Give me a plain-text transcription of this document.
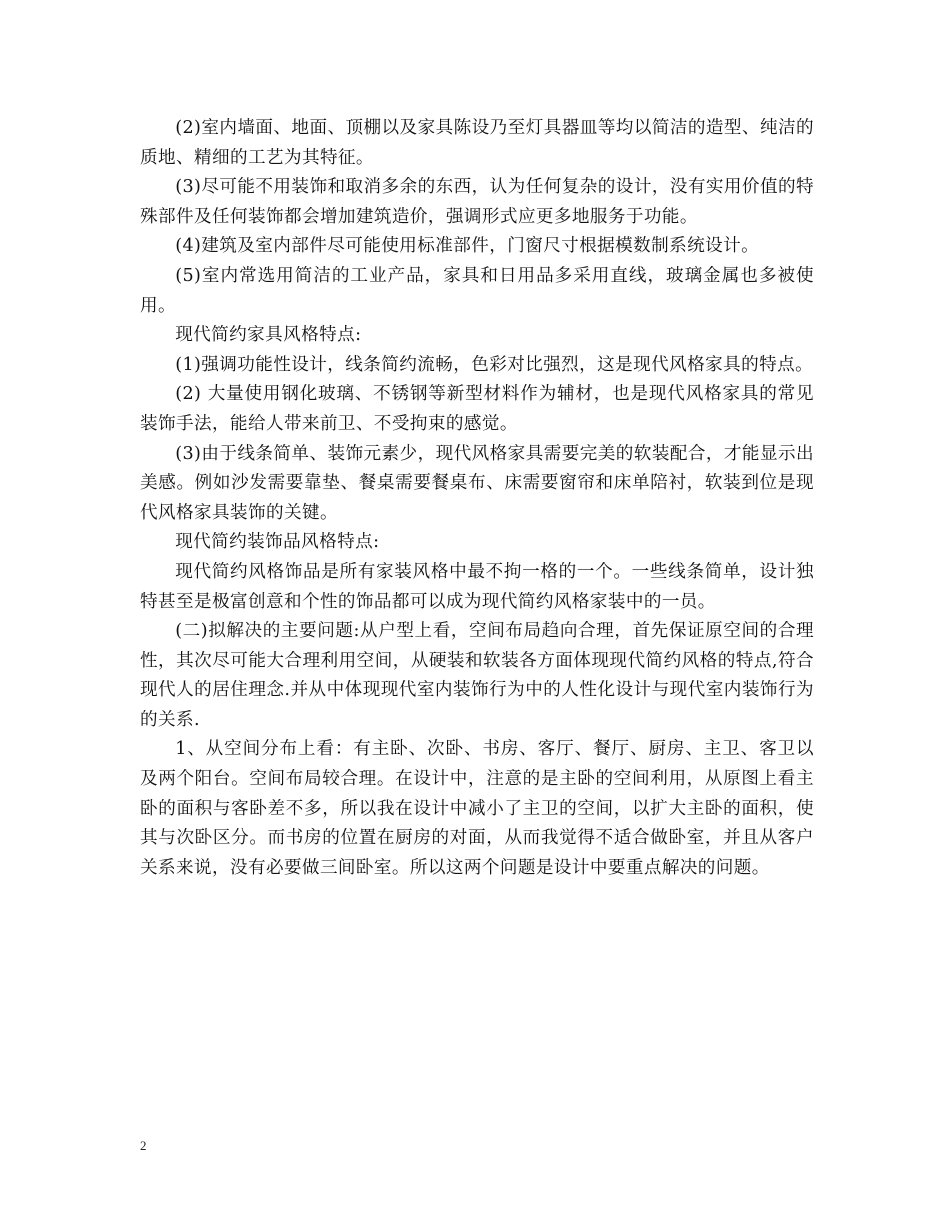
(2)室内墙面、地面、顶棚以及家具陈设乃至灯具器皿等均以简洁的造型、纯洁的质地、精细的工艺为其特征。

(3)尽可能不用装饰和取消多余的东西，认为任何复杂的设计，没有实用价值的特殊部件及任何装饰都会增加建筑造价，强调形式应更多地服务于功能。

(4)建筑及室内部件尽可能使用标准部件，门窗尺寸根据模数制系统设计。

(5)室内常选用简洁的工业产品，家具和日用品多采用直线，玻璃金属也多被使用。

现代简约家具风格特点:

(1)强调功能性设计，线条简约流畅，色彩对比强烈，这是现代风格家具的特点。

(2) 大量使用钢化玻璃、不锈钢等新型材料作为辅材，也是现代风格家具的常见装饰手法，能给人带来前卫、不受拘束的感觉。

(3)由于线条简单、装饰元素少，现代风格家具需要完美的软装配合，才能显示出美感。例如沙发需要靠垫、餐桌需要餐桌布、床需要窗帘和床单陪衬，软装到位是现代风格家具装饰的关键。

现代简约装饰品风格特点:

现代简约风格饰品是所有家装风格中最不拘一格的一个。一些线条简单，设计独特甚至是极富创意和个性的饰品都可以成为现代简约风格家装中的一员。

(二)拟解决的主要问题:从户型上看，空间布局趋向合理，首先保证原空间的合理性，其次尽可能大合理利用空间，从硬装和软装各方面体现现代简约风格的特点,符合现代人的居住理念.并从中体现现代室内装饰行为中的人性化设计与现代室内装饰行为的关系.

1、从空间分布上看：有主卧、次卧、书房、客厅、餐厅、厨房、主卫、客卫以及两个阳台。空间布局较合理。在设计中，注意的是主卧的空间利用，从原图上看主卧的面积与客卧差不多，所以我在设计中减小了主卫的空间，以扩大主卧的面积，使其与次卧区分。而书房的位置在厨房的对面，从而我觉得不适合做卧室，并且从客户关系来说，没有必要做三间卧室。所以这两个问题是设计中要重点解决的问题。

2
